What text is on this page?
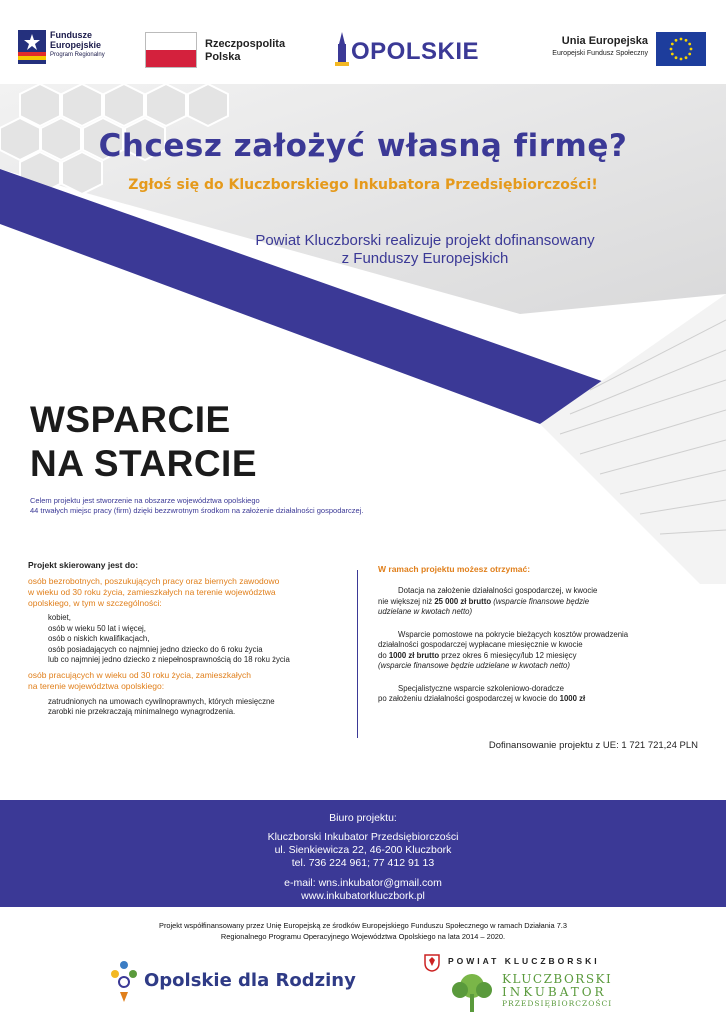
Fundusze
Europejskie
Program Regionalny
Rzeczpospolita
Polska	OPOLSKIE	Unia Europejska
Europejski Fundusz Społeczny
Chcesz założyć własną firmę?
Zgłoś się do Kluczborskiego Inkubatora Przedsiębiorczości!
Powiat Kluczborski realizuje projekt dofinansowany
z Funduszy Europejskich
WSPARCIE
NA STARCIE
Celem projektu jest stworzenie na obszarze województwa opolskiego
44 trwałych miejsc pracy (firm) dzięki bezzwrotnym środkom na założenie działalności gospodarczej.
Projekt skierowany jest do:
osób bezrobotnych, poszukujących pracy oraz biernych zawodowo
w wieku od 30 roku życia, zamieszkałych na terenie województwa
opolskiego, w tym w szczególności:
kobiet,
osób w wieku 50 lat i więcej,
osób o niskich kwalifikacjach,
osób posiadających co najmniej jedno dziecko do 6 roku życia
lub co najmniej jedno dziecko z niepełnosprawnością do 18 roku życia
osób pracujących w wieku od 30 roku życia, zamieszkałych
na terenie województwa opolskiego:
zatrudnionych na umowach cywilnoprawnych, których miesięczne
zarobki nie przekraczają minimalnego wynagrodzenia.
W ramach projektu możesz otrzymać:
Dotacja na założenie działalności gospodarczej, w kwocie
nie większej niż 25 000 zł brutto (wsparcie finansowe będzie
udzielane w kwotach netto)
Wsparcie pomostowe na pokrycie bieżących kosztów prowadzenia
działalności gospodarczej wypłacane miesięcznie w kwocie
do 1000 zł brutto przez okres 6 miesięcy/lub 12 miesięcy
(wsparcie finansowe będzie udzielane w kwotach netto)
Specjalistyczne wsparcie szkoleniowo-doradcze
po założeniu działalności gospodarczej w kwocie do 1000 zł
Dofinansowanie projektu z UE: 1 721 721,24 PLN
Biuro projektu:
Kluczborski Inkubator Przedsiębiorczości
ul. Sienkiewicza 22, 46-200 Kluczbork
tel. 736 224 961; 77 412 91 13
e-mail: wns.inkubator@gmail.com
www.inkubatorkluczbork.pl
Projekt współfinansowany przez Unię Europejską ze środków Europejskiego Funduszu Społecznego w ramach Działania 7.3
Regionalnego Programu Operacyjnego Województwa Opolskiego na lata 2014 – 2020.
Opolskie dla Rodziny
POWIAT KLUCZBORSKI
KLUCZBORSKI
INKUBATOR
PRZEDSIĘBIORCZOŚCI
